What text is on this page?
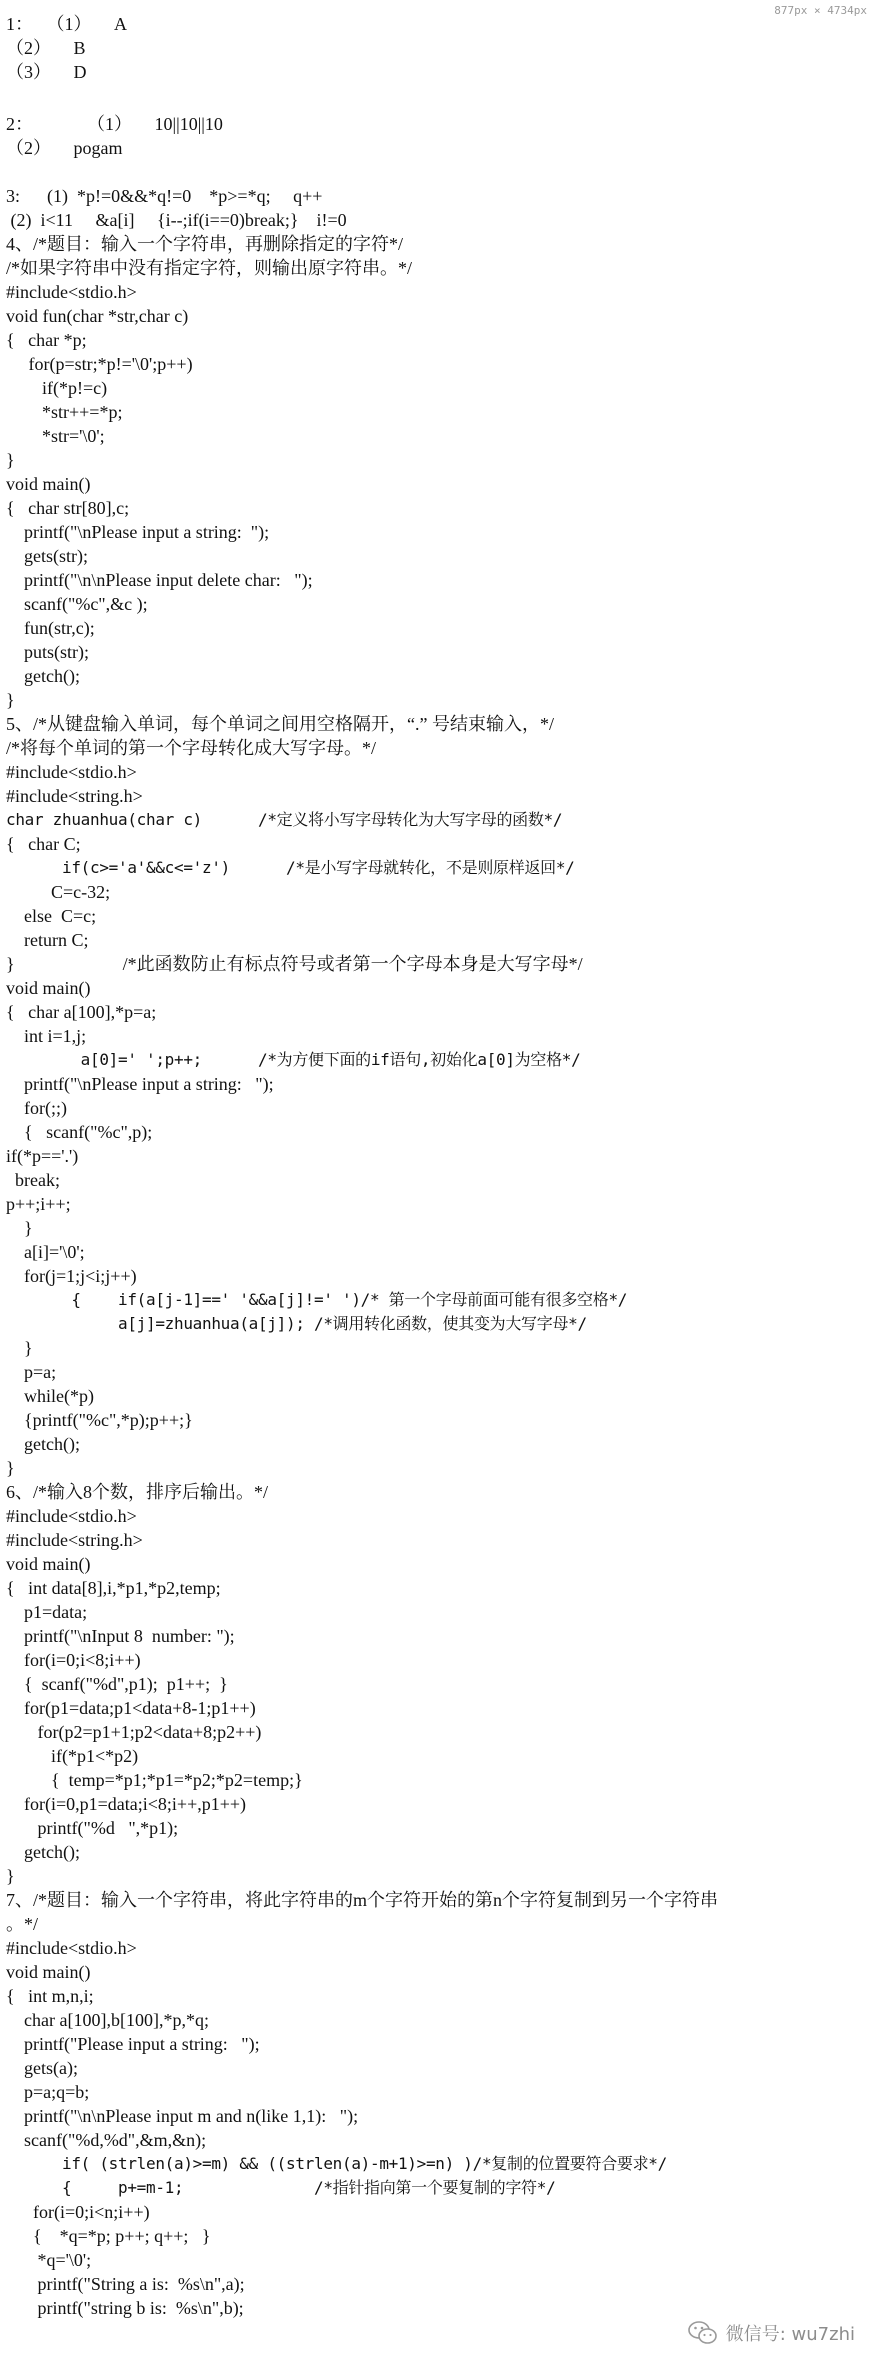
877px × 4734px
1：   （1）     A
（2）     B
（3）     D
2：            （1）     10||10||10
（2）     pogam
3:      (1)  *p!=0&&*q!=0    *p>=*q;     q++
(2)  i<11     &a[i]     {i--;if(i==0)break;}    i!=0
4、/*题目：输入一个字符串，再删除指定的字符*/
/*如果字符串中没有指定字符，则输出原字符串。*/
#include<stdio.h>
void fun(char *str,char c)
{   char *p;
for(p=str;*p!='\0';p++)
if(*p!=c)
*str++=*p;
*str='\0';
}
void main()
{   char str[80],c;
printf("\nPlease input a string:  ");
gets(str);
printf("\n\nPlease input delete char:   ");
scanf("%c",&c );
fun(str,c);
puts(str);
getch();
}
5、/*从键盘输入单词，每个单词之间用空格隔开，“.” 号结束输入，*/
/*将每个单词的第一个字母转化成大写字母。*/
#include<stdio.h>
#include<string.h>
char zhuanhua(char c)      /*定义将小写字母转化为大写字母的函数*/
{   char C;
if(c>='a'&&c<='z')      /*是小写字母就转化，不是则原样返回*/
C=c-32;
else  C=c;
return C;
}                        /*此函数防止有标点符号或者第一个字母本身是大写字母*/
void main()
{   char a[100],*p=a;
int i=1,j;
a[0]=' ';p++;      /*为方便下面的if语句,初始化a[0]为空格*/
printf("\nPlease input a string:   ");
for(;;)
{   scanf("%c",p);
if(*p=='.')
break;
p++;i++;
}
a[i]='\0';
for(j=1;j<i;j++)
{    if(a[j-1]==' '&&a[j]!=' ')/* 第一个字母前面可能有很多空格*/
a[j]=zhuanhua(a[j]); /*调用转化函数，使其变为大写字母*/
}
p=a;
while(*p)
{printf("%c",*p);p++;}
getch();
}
6、/*输入8个数，排序后输出。*/
#include<stdio.h>
#include<string.h>
void main()
{   int data[8],i,*p1,*p2,temp;
p1=data;
printf("\nInput 8  number: ");
for(i=0;i<8;i++)
{  scanf("%d",p1);  p1++;  }
for(p1=data;p1<data+8-1;p1++)
for(p2=p1+1;p2<data+8;p2++)
if(*p1<*p2)
{  temp=*p1;*p1=*p2;*p2=temp;}
for(i=0,p1=data;i<8;i++,p1++)
printf("%d   ",*p1);
getch();
}
7、/*题目：输入一个字符串，将此字符串的m个字符开始的第n个字符复制到另一个字符串
。*/
#include<stdio.h>
void main()
{   int m,n,i;
char a[100],b[100],*p,*q;
printf("Please input a string:   ");
gets(a);
p=a;q=b;
printf("\n\nPlease input m and n(like 1,1):   ");
scanf("%d,%d",&m,&n);
if( (strlen(a)>=m) && ((strlen(a)-m+1)>=n) )/*复制的位置要符合要求*/
{     p+=m-1;              /*指针指向第一个要复制的字符*/
for(i=0;i<n;i++)
{    *q=*p; p++; q++;   }
*q='\0';
printf("String a is:  %s\n",a);
printf("string b is:  %s\n",b);
微信号: wu7zhi
